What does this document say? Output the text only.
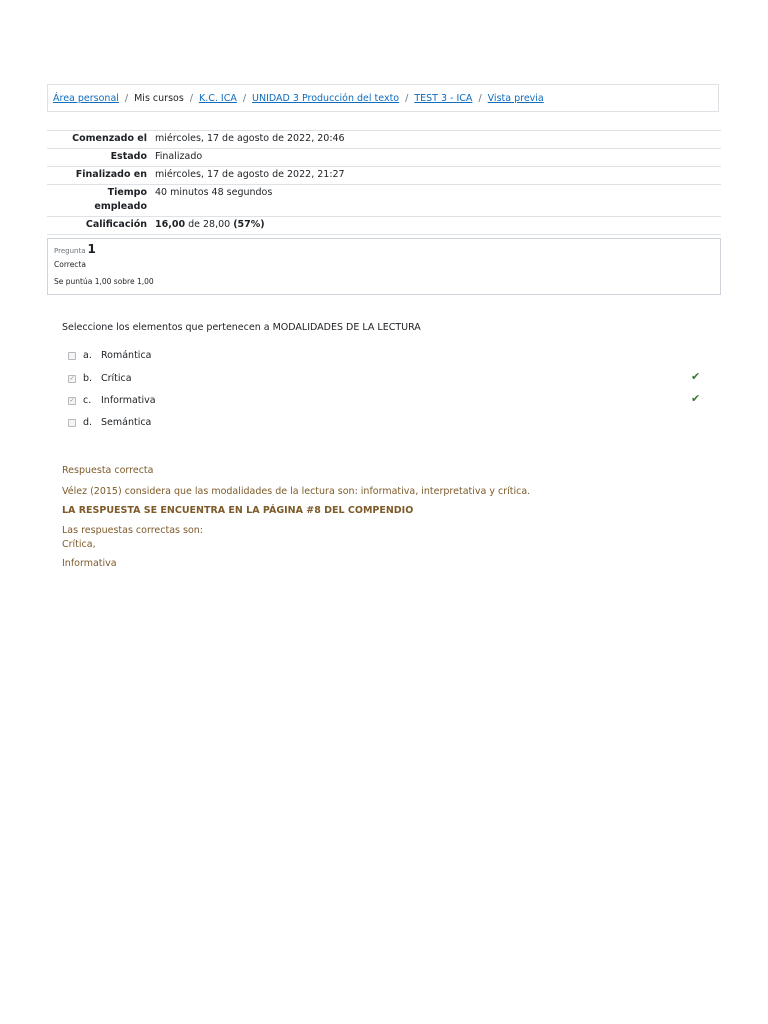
Área personal / Mis cursos / K.C. ICA / UNIDAD 3 Producción del texto / TEST 3 - ICA / Vista previa
Comenzado el	miércoles, 17 de agosto de 2022, 20:46
Estado	Finalizado
Finalizado en	miércoles, 17 de agosto de 2022, 21:27
Tiempo
empleado	40 minutos 48 segundos
Calificación	16,00 de 28,00 (57%)
Pregunta 1
Correcta
Se puntúa 1,00 sobre 1,00
Seleccione los elementos que pertenecen a MODALIDADES DE LA LECTURA
a. Romántica
✓ b. Crítica	✔
✓ c.	Informativa	✔
d. Semántica
Respuesta correcta
Vélez (2015) considera que las modalidades de la lectura son: informativa, interpretativa y crítica.
LA RESPUESTA SE ENCUENTRA EN LA PÁGINA #8 DEL COMPENDIO
Las respuestas correctas son:
Crítica,
Informativa
